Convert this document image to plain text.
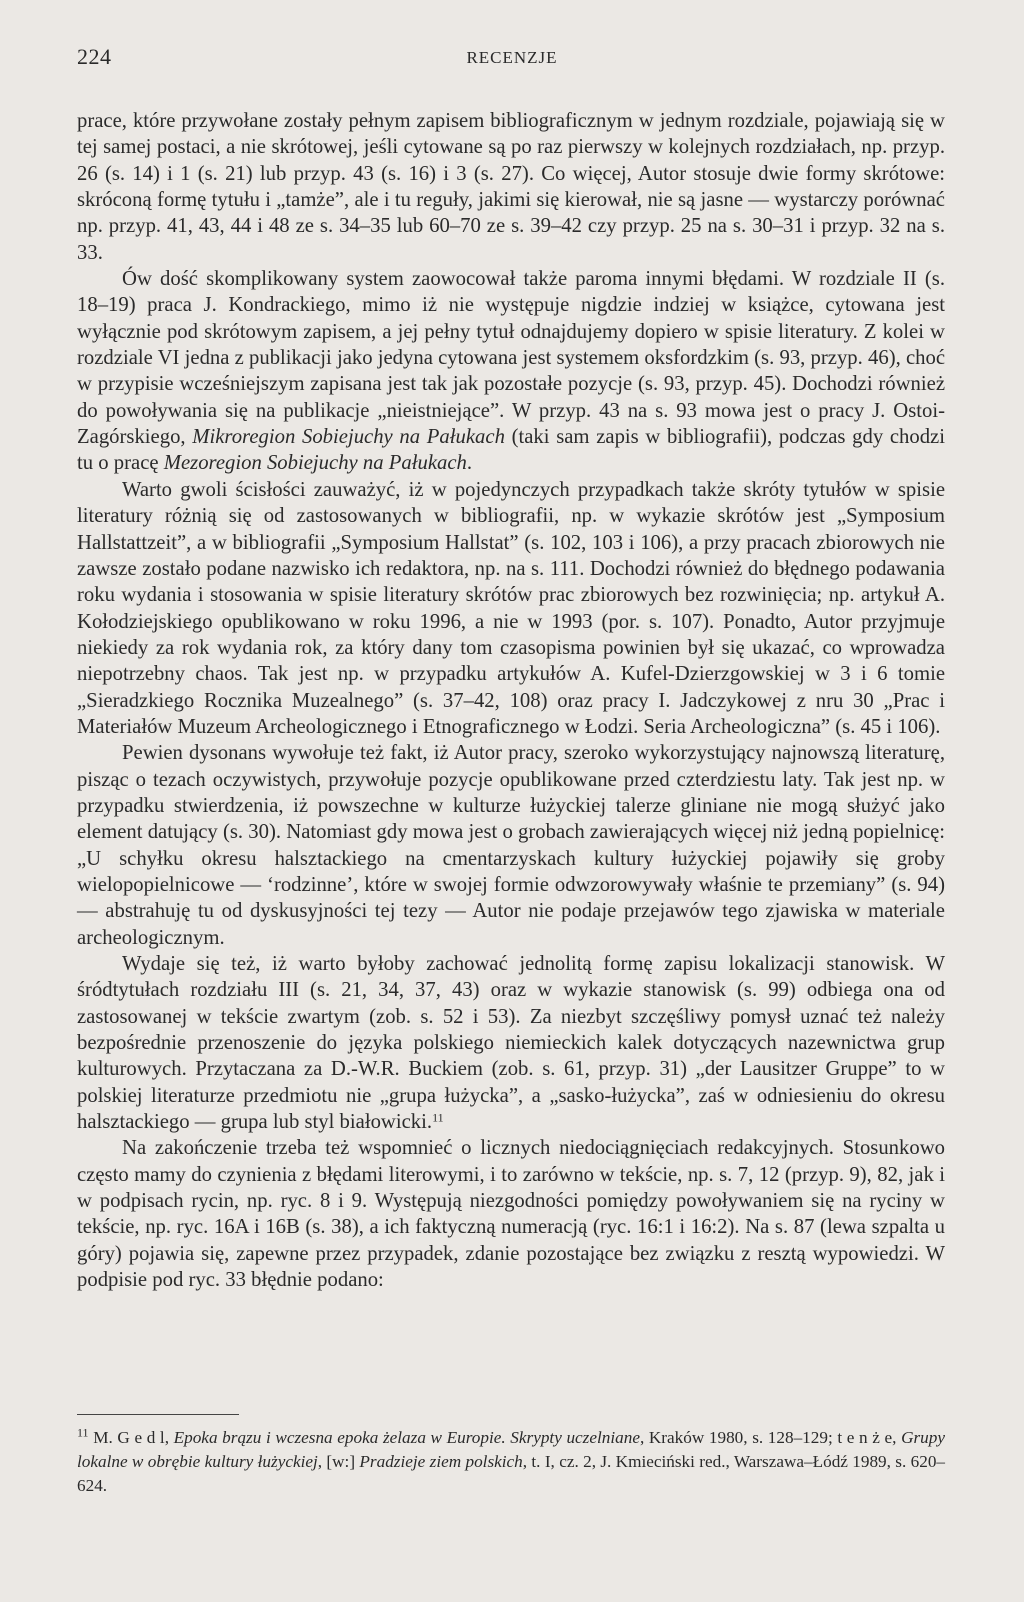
224	RECENZJE

prace, które przywołane zostały pełnym zapisem bibliograficznym w jednym rozdziale, pojawiają się w tej samej postaci, a nie skrótowej, jeśli cytowane są po raz pierwszy w kolejnych rozdziałach, np. przyp. 26 (s. 14) i 1 (s. 21) lub przyp. 43 (s. 16) i 3 (s. 27). Co więcej, Autor stosuje dwie formy skrótowe: skróconą formę tytułu i „tamże”, ale i tu reguły, jakimi się kierował, nie są jasne — wystarczy porównać np. przyp. 41, 43, 44 i 48 ze s. 34–35 lub 60–70 ze s. 39–42 czy przyp. 25 na s. 30–31 i przyp. 32 na s. 33.

Ów dość skomplikowany system zaowocował także paroma innymi błędami. W rozdziale II (s. 18–19) praca J. Kondrackiego, mimo iż nie występuje nigdzie indziej w książce, cytowana jest wyłącznie pod skrótowym zapisem, a jej pełny tytuł odnajdujemy dopiero w spisie literatury. Z kolei w rozdziale VI jedna z publikacji jako jedyna cytowana jest systemem oksfordzkim (s. 93, przyp. 46), choć w przypisie wcześniejszym zapisana jest tak jak pozostałe pozycje (s. 93, przyp. 45). Dochodzi również do powoływania się na publikacje „nieistniejące”. W przyp. 43 na s. 93 mowa jest o pracy J. Ostoi-Zagórskiego, Mikroregion Sobiejuchy na Pałukach (taki sam zapis w bibliografii), podczas gdy chodzi tu o pracę Mezoregion Sobiejuchy na Pałukach.

Warto gwoli ścisłości zauważyć, iż w pojedynczych przypadkach także skróty tytułów w spisie literatury różnią się od zastosowanych w bibliografii, np. w wykazie skrótów jest „Symposium Hallstattzeit”, a w bibliografii „Symposium Hallstat” (s. 102, 103 i 106), a przy pracach zbiorowych nie zawsze zostało podane nazwisko ich redaktora, np. na s. 111. Dochodzi również do błędnego podawania roku wydania i stosowania w spisie literatury skrótów prac zbiorowych bez rozwinięcia; np. artykuł A. Kołodziejskiego opublikowano w roku 1996, a nie w 1993 (por. s. 107). Ponadto, Autor przyjmuje niekiedy za rok wydania rok, za który dany tom czasopisma powinien był się ukazać, co wprowadza niepotrzebny chaos. Tak jest np. w przypadku artykułów A. Kufel-Dzierzgowskiej w 3 i 6 tomie „Sieradzkiego Rocznika Muzealnego” (s. 37–42, 108) oraz pracy I. Jadczykowej z nru 30 „Prac i Materiałów Muzeum Archeologicznego i Etnograficznego w Łodzi. Seria Archeologiczna” (s. 45 i 106).

Pewien dysonans wywołuje też fakt, iż Autor pracy, szeroko wykorzystujący najnowszą literaturę, pisząc o tezach oczywistych, przywołuje pozycje opublikowane przed czterdziestu laty. Tak jest np. w przypadku stwierdzenia, iż powszechne w kulturze łużyckiej talerze gliniane nie mogą służyć jako element datujący (s. 30). Natomiast gdy mowa jest o grobach zawierających więcej niż jedną popielnicę: „U schyłku okresu halsztackiego na cmentarzyskach kultury łużyckiej pojawiły się groby wielopopielnicowe — ‘rodzinne’, które w swojej formie odwzorowywały właśnie te przemiany” (s. 94) — abstrahuję tu od dyskusyjności tej tezy — Autor nie podaje przejawów tego zjawiska w materiale archeologicznym.

Wydaje się też, iż warto byłoby zachować jednolitą formę zapisu lokalizacji stanowisk. W śródtytułach rozdziału III (s. 21, 34, 37, 43) oraz w wykazie stanowisk (s. 99) odbiega ona od zastosowanej w tekście zwartym (zob. s. 52 i 53). Za niezbyt szczęśliwy pomysł uznać też należy bezpośrednie przenoszenie do języka polskiego niemieckich kalek dotyczących nazewnictwa grup kulturowych. Przytaczana za D.-W.R. Buckiem (zob. s. 61, przyp. 31) „der Lausitzer Gruppe” to w polskiej literaturze przedmiotu nie „grupa łużycka”, a „sasko-łużycka”, zaś w odniesieniu do okresu halsztackiego — grupa lub styl białowicki.$^{11}$

Na zakończenie trzeba też wspomnieć o licznych niedociągnięciach redakcyjnych. Stosunkowo często mamy do czynienia z błędami literowymi, i to zarówno w tekście, np. s. 7, 12 (przyp. 9), 82, jak i w podpisach rycin, np. ryc. 8 i 9. Występują niezgodności pomiędzy powoływaniem się na ryciny w tekście, np. ryc. 16A i 16B (s. 38), a ich faktyczną numeracją (ryc. 16:1 i 16:2). Na s. 87 (lewa szpalta u góry) pojawia się, zapewne przez przypadek, zdanie pozostające bez związku z resztą wypowiedzi. W podpisie pod ryc. 33 błędnie podano:

$^{11}$ M. G e d l, Epoka brązu i wczesna epoka żelaza w Europie. Skrypty uczelniane, Kraków 1980, s. 128–129; t e n ż e, Grupy lokalne w obrębie kultury łużyckiej, [w:] Pradzieje ziem polskich, t. I, cz. 2, J. Kmieciński red., Warszawa–Łódź 1989, s. 620–624.
